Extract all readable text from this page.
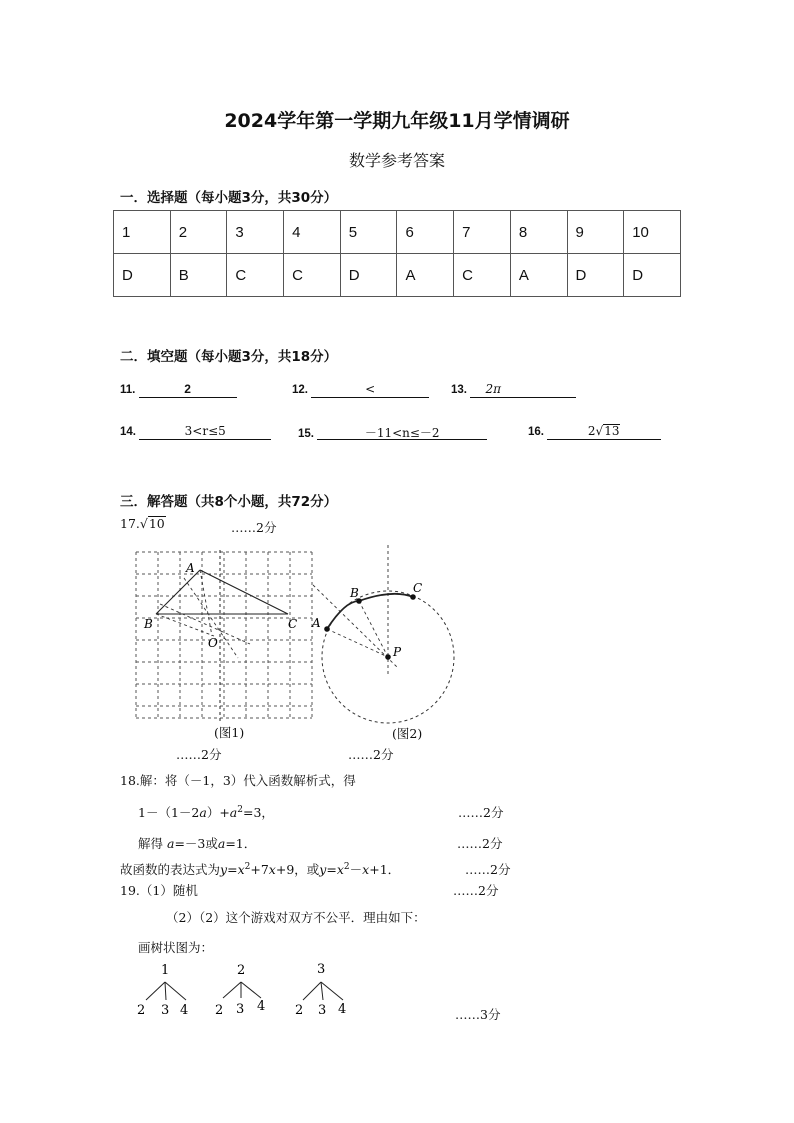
2024学年第一学期九年级11月学情调研
数学参考答案
一．选择题（每小题3分，共30分）
1	2	3	4	5	6	7	8	9	10
D	B	C	C	D	A	C	A	D	D
二．填空题（每小题3分，共18分）
11.	2	12.	<	13. 2π
14.	3<r≤5	15.	－11<n≤－2	16.	2√13
三．解答题（共8个小题，共72分）
17.√10	……2分
A
B	C
O
(图1)
……2分
A
B	C
P
(图2)
……2分
18.解：将（－1，3）代入函数解析式，得
$1-(1-2a)+a^2=3$，	……2分
解得 a=－3或a=1．	……2分
故函数的表达式为$y=x^2+7x+9$，或$y=x^2-x+1$．	……2分
19.（1）随机	……2分
（2）（2）这个游戏对双方不公平．理由如下：
画树状图为：
1
2 3 4
2
2 3 4
3
2 3 4	……3分
